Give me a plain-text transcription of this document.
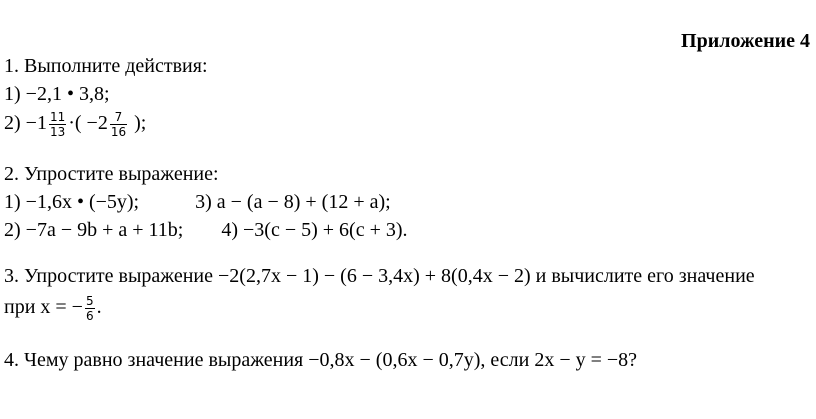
Приложение 4
1. Выполните действия:
1) −2,1 • 3,8;
$2) -1 \frac{11}{13}$ ·( $-2 \frac{7}{16}$ );
2. Упростите выражение:
1) −1,6x • (−5y);	3) a − (a − 8) + (12 + a);
2) −7a − 9b + a + 11b; 4) −3(c − 5) + 6(c + 3).
3. Упростите выражение −2(2,7x − 1) − (6 − 3,4x) + 8(0,4x − 2) и вычислите его значение
при x = − $\frac{5}{6}$ .
4. Чему равно значение выражения −0,8x − (0,6x − 0,7y), если 2x − y = −8?
